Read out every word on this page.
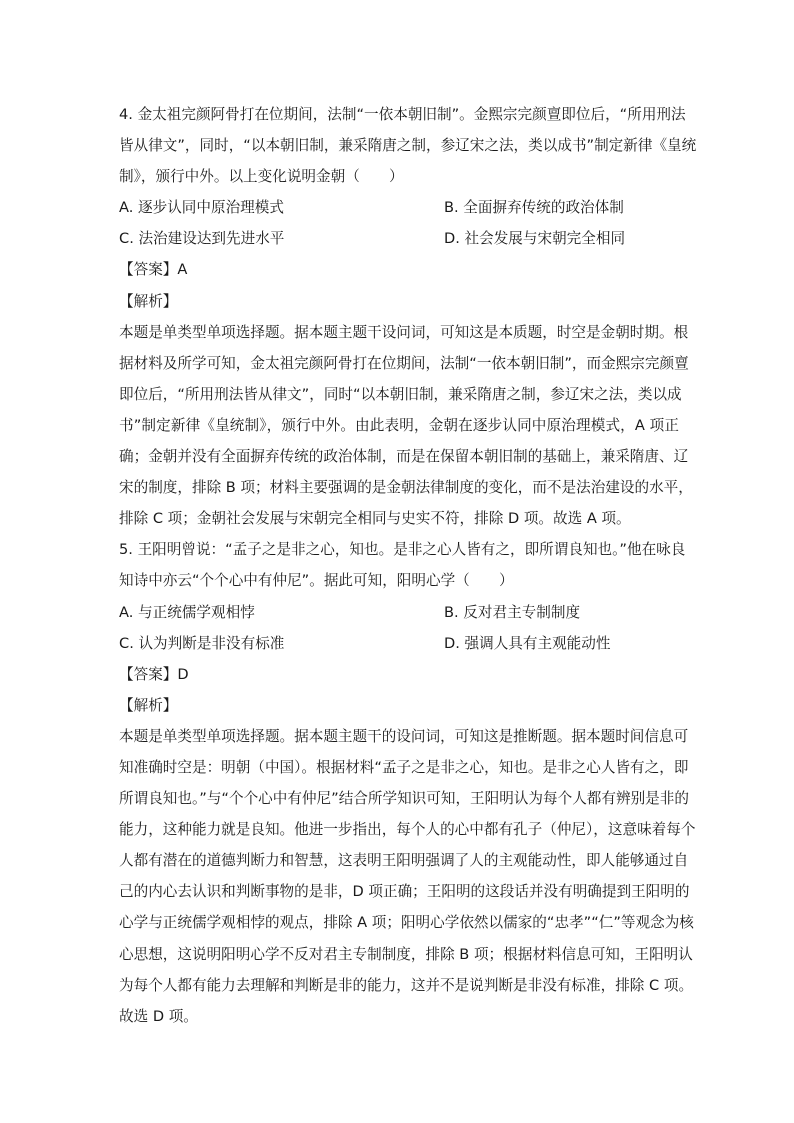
4. 金太祖完颜阿骨打在位期间，法制“一依本朝旧制”。金熙宗完颜亶即位后，“所用刑法
皆从律文”，同时，“以本朝旧制，兼采隋唐之制，参辽宋之法，类以成书”制定新律《皇统
制》，颁行中外。以上变化说明金朝（　　）
A. 逐步认同中原治理模式	B. 全面摒弃传统的政治体制
C. 法治建设达到先进水平	D. 社会发展与宋朝完全相同
【答案】A
【解析】
本题是单类型单项选择题。据本题主题干设问词，可知这是本质题，时空是金朝时期。根
据材料及所学可知，金太祖完颜阿骨打在位期间，法制“一依本朝旧制”，而金熙宗完颜亶
即位后，“所用刑法皆从律文”，同时“以本朝旧制，兼采隋唐之制，参辽宋之法，类以成
书”制定新律《皇统制》，颁行中外。由此表明，金朝在逐步认同中原治理模式，A 项正
确；金朝并没有全面摒弃传统的政治体制，而是在保留本朝旧制的基础上，兼采隋唐、辽
宋的制度，排除 B 项；材料主要强调的是金朝法律制度的变化，而不是法治建设的水平，
排除 C 项；金朝社会发展与宋朝完全相同与史实不符，排除 D 项。故选 A 项。
5. 王阳明曾说：“孟子之是非之心，知也。是非之心人皆有之，即所谓良知也。”他在咏良
知诗中亦云“个个心中有仲尼”。据此可知，阳明心学（　　）
A. 与正统儒学观相悖	B. 反对君主专制制度
C. 认为判断是非没有标准	D. 强调人具有主观能动性
【答案】D
【解析】
本题是单类型单项选择题。据本题主题干的设问词，可知这是推断题。据本题时间信息可
知准确时空是：明朝（中国）。根据材料“孟子之是非之心，知也。是非之心人皆有之，即
所谓良知也。”与“个个心中有仲尼”结合所学知识可知，王阳明认为每个人都有辨别是非的
能力，这种能力就是良知。他进一步指出，每个人的心中都有孔子（仲尼），这意味着每个
人都有潜在的道德判断力和智慧，这表明王阳明强调了人的主观能动性，即人能够通过自
己的内心去认识和判断事物的是非，D 项正确；王阳明的这段话并没有明确提到王阳明的
心学与正统儒学观相悖的观点，排除 A 项；阳明心学依然以儒家的“忠孝”“仁”等观念为核
心思想，这说明阳明心学不反对君主专制制度，排除 B 项；根据材料信息可知，王阳明认
为每个人都有能力去理解和判断是非的能力，这并不是说判断是非没有标准，排除 C 项。
故选 D 项。
